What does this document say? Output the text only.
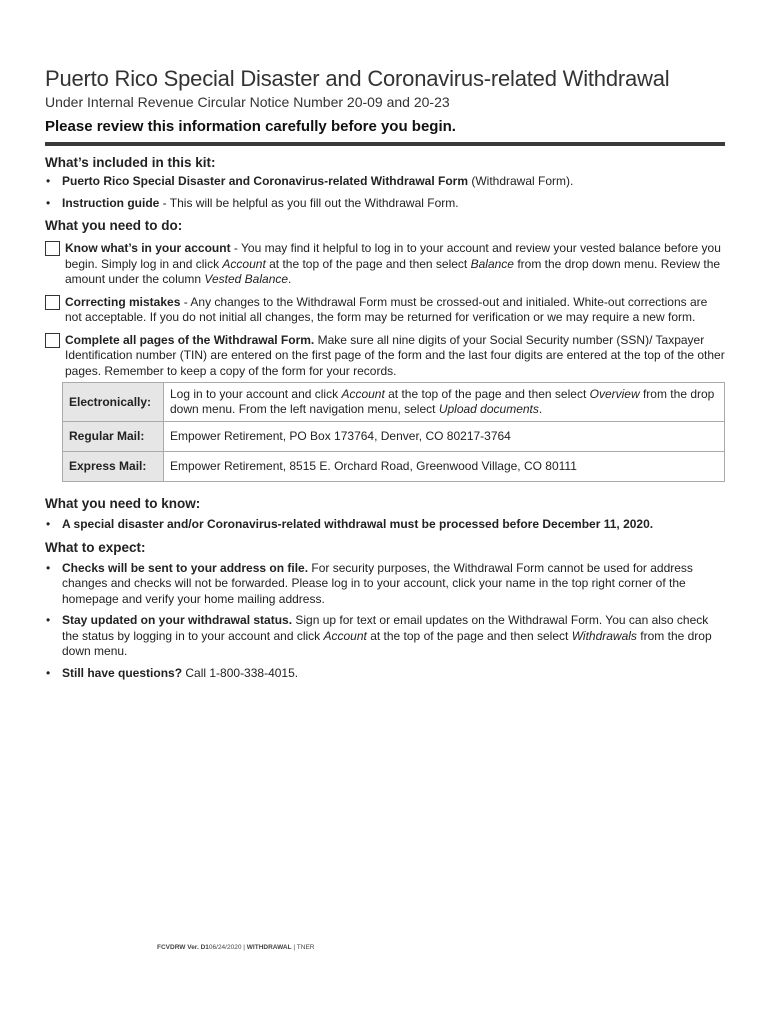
Puerto Rico Special Disaster and Coronavirus-related Withdrawal

Under Internal Revenue Circular Notice Number 20-09 and 20-23

Please review this information carefully before you begin.

What’s included in this kit:
• Puerto Rico Special Disaster and Coronavirus-related Withdrawal Form (Withdrawal Form).
• Instruction guide - This will be helpful as you fill out the Withdrawal Form.
What you need to do:
Know what’s in your account - You may find it helpful to log in to your account and review your vested balance before you begin. Simply log in and click Account at the top of the page and then select Balance from the drop down menu. Review the amount under the column Vested Balance.
Correcting mistakes - Any changes to the Withdrawal Form must be crossed-out and initialed. White-out corrections are not acceptable. If you do not initial all changes, the form may be returned for verification or we may require a new form.
Complete all pages of the Withdrawal Form. Make sure all nine digits of your Social Security number (SSN)/ Taxpayer Identification number (TIN) are entered on the first page of the form and the last four digits are entered at the top of the other pages. Remember to keep a copy of the form for your records.
Electronically:	Log in to your account and click Account at the top of the page and then select Overview from the drop down menu. From the left navigation menu, select Upload documents.
Regular Mail:	Empower Retirement, PO Box 173764, Denver, CO 80217-3764
Express Mail:	Empower Retirement, 8515 E. Orchard Road, Greenwood Village, CO 80111
What you need to know:
• A special disaster and/or Coronavirus-related withdrawal must be processed before December 11, 2020.
What to expect:
• Checks will be sent to your address on file. For security purposes, the Withdrawal Form cannot be used for address changes and checks will not be forwarded. Please log in to your account, click your name in the top right corner of the homepage and verify your home mailing address.
• Stay updated on your withdrawal status. Sign up for text or email updates on the Withdrawal Form. You can also check the status by logging in to your account and click Account at the top of the page and then select Withdrawals from the drop down menu.
• Still have questions? Call 1-800-338-4015.
FCVDRW Ver. D106/24/2020 | WITHDRAWAL | TNER
